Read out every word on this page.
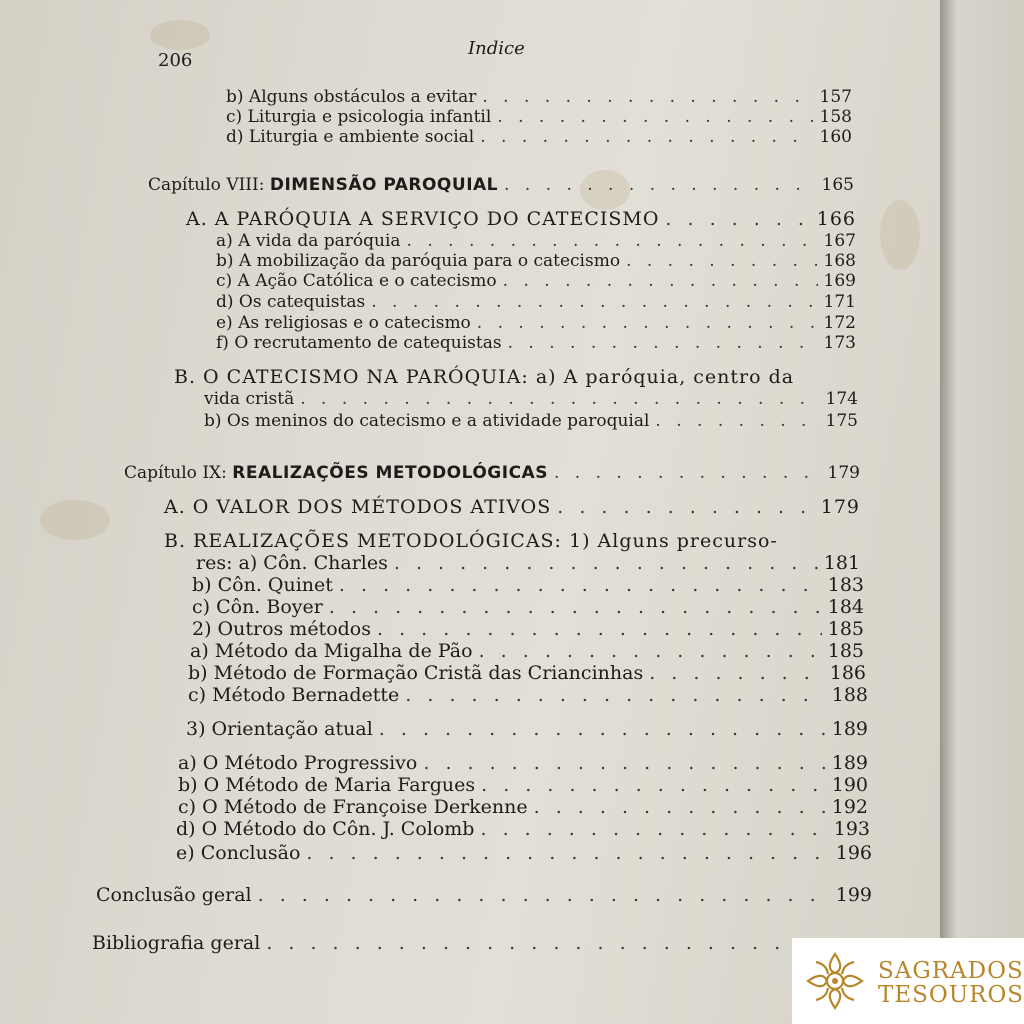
206
Indice
b) Alguns obstáculos a evitar . . .	157
c) Liturgia e psicologia infantil . . .	158
d) Liturgia e ambiente social . . .	160
Capítulo VIII: DIMENSÃO PAROQUIAL . . .	165
A. A PARÓQUIA A SERVIÇO DO CATECISMO . . .	166
a) A vida da paróquia . . .	167
b) A mobilização da paróquia para o catecismo . . .	168
c) A Ação Católica e o catecismo . . .	169
d) Os catequistas . . .	171
e) As religiosas e o catecismo . . .	172
f) O recrutamento de catequistas . . .	173
B. O CATECISMO NA PARÓQUIA: a) A paróquia, centro da
vida cristã . . .	174
b) Os meninos do catecismo e a atividade paroquial . . .	175
Capítulo IX: REALIZAÇÕES METODOLÓGICAS . . .	179
A. O VALOR DOS MÉTODOS ATIVOS . . .	179
B. REALIZAÇÕES METODOLÓGICAS: 1) Alguns precurso-
res: a) Côn. Charles . . .	181
b) Côn. Quinet . . .	183
c) Côn. Boyer . . .	184
2) Outros métodos . . .	185
a) Método da Migalha de Pão . . .	185
b) Método de Formação Cristã das Criancinhas . . .	186
c) Método Bernadette . . .	188
3) Orientação atual . . .	189
a) O Método Progressivo . . .	189
b) O Método de Maria Fargues . . .	190
c) O Método de Françoise Derkenne . . .	192
d) O Método do Côn. J. Colomb . . .	193
e) Conclusão . . .	196
Conclusão geral . . .	199
Bibliografia geral
. . .
SAGRADOS
TESOUROS
